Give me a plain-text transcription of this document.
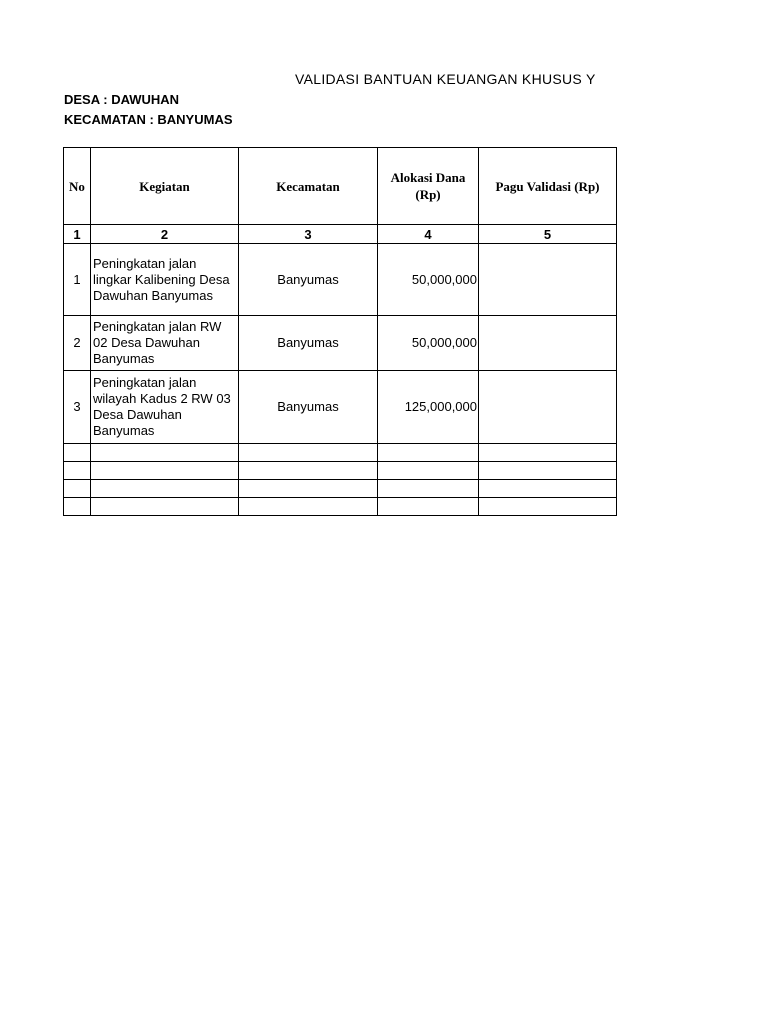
VALIDASI BANTUAN KEUANGAN KHUSUS Y
DESA : DAWUHAN
KECAMATAN : BANYUMAS
No	Kegiatan	Kecamatan	Alokasi Dana (Rp)	Pagu Validasi (Rp)
1	2	3	4	5
1	Peningkatan jalan lingkar Kalibening Desa Dawuhan Banyumas	Banyumas	50,000,000	
2	Peningkatan jalan RW 02 Desa Dawuhan Banyumas	Banyumas	50,000,000	
3	Peningkatan jalan wilayah Kadus 2 RW 03 Desa Dawuhan Banyumas	Banyumas	125,000,000	
